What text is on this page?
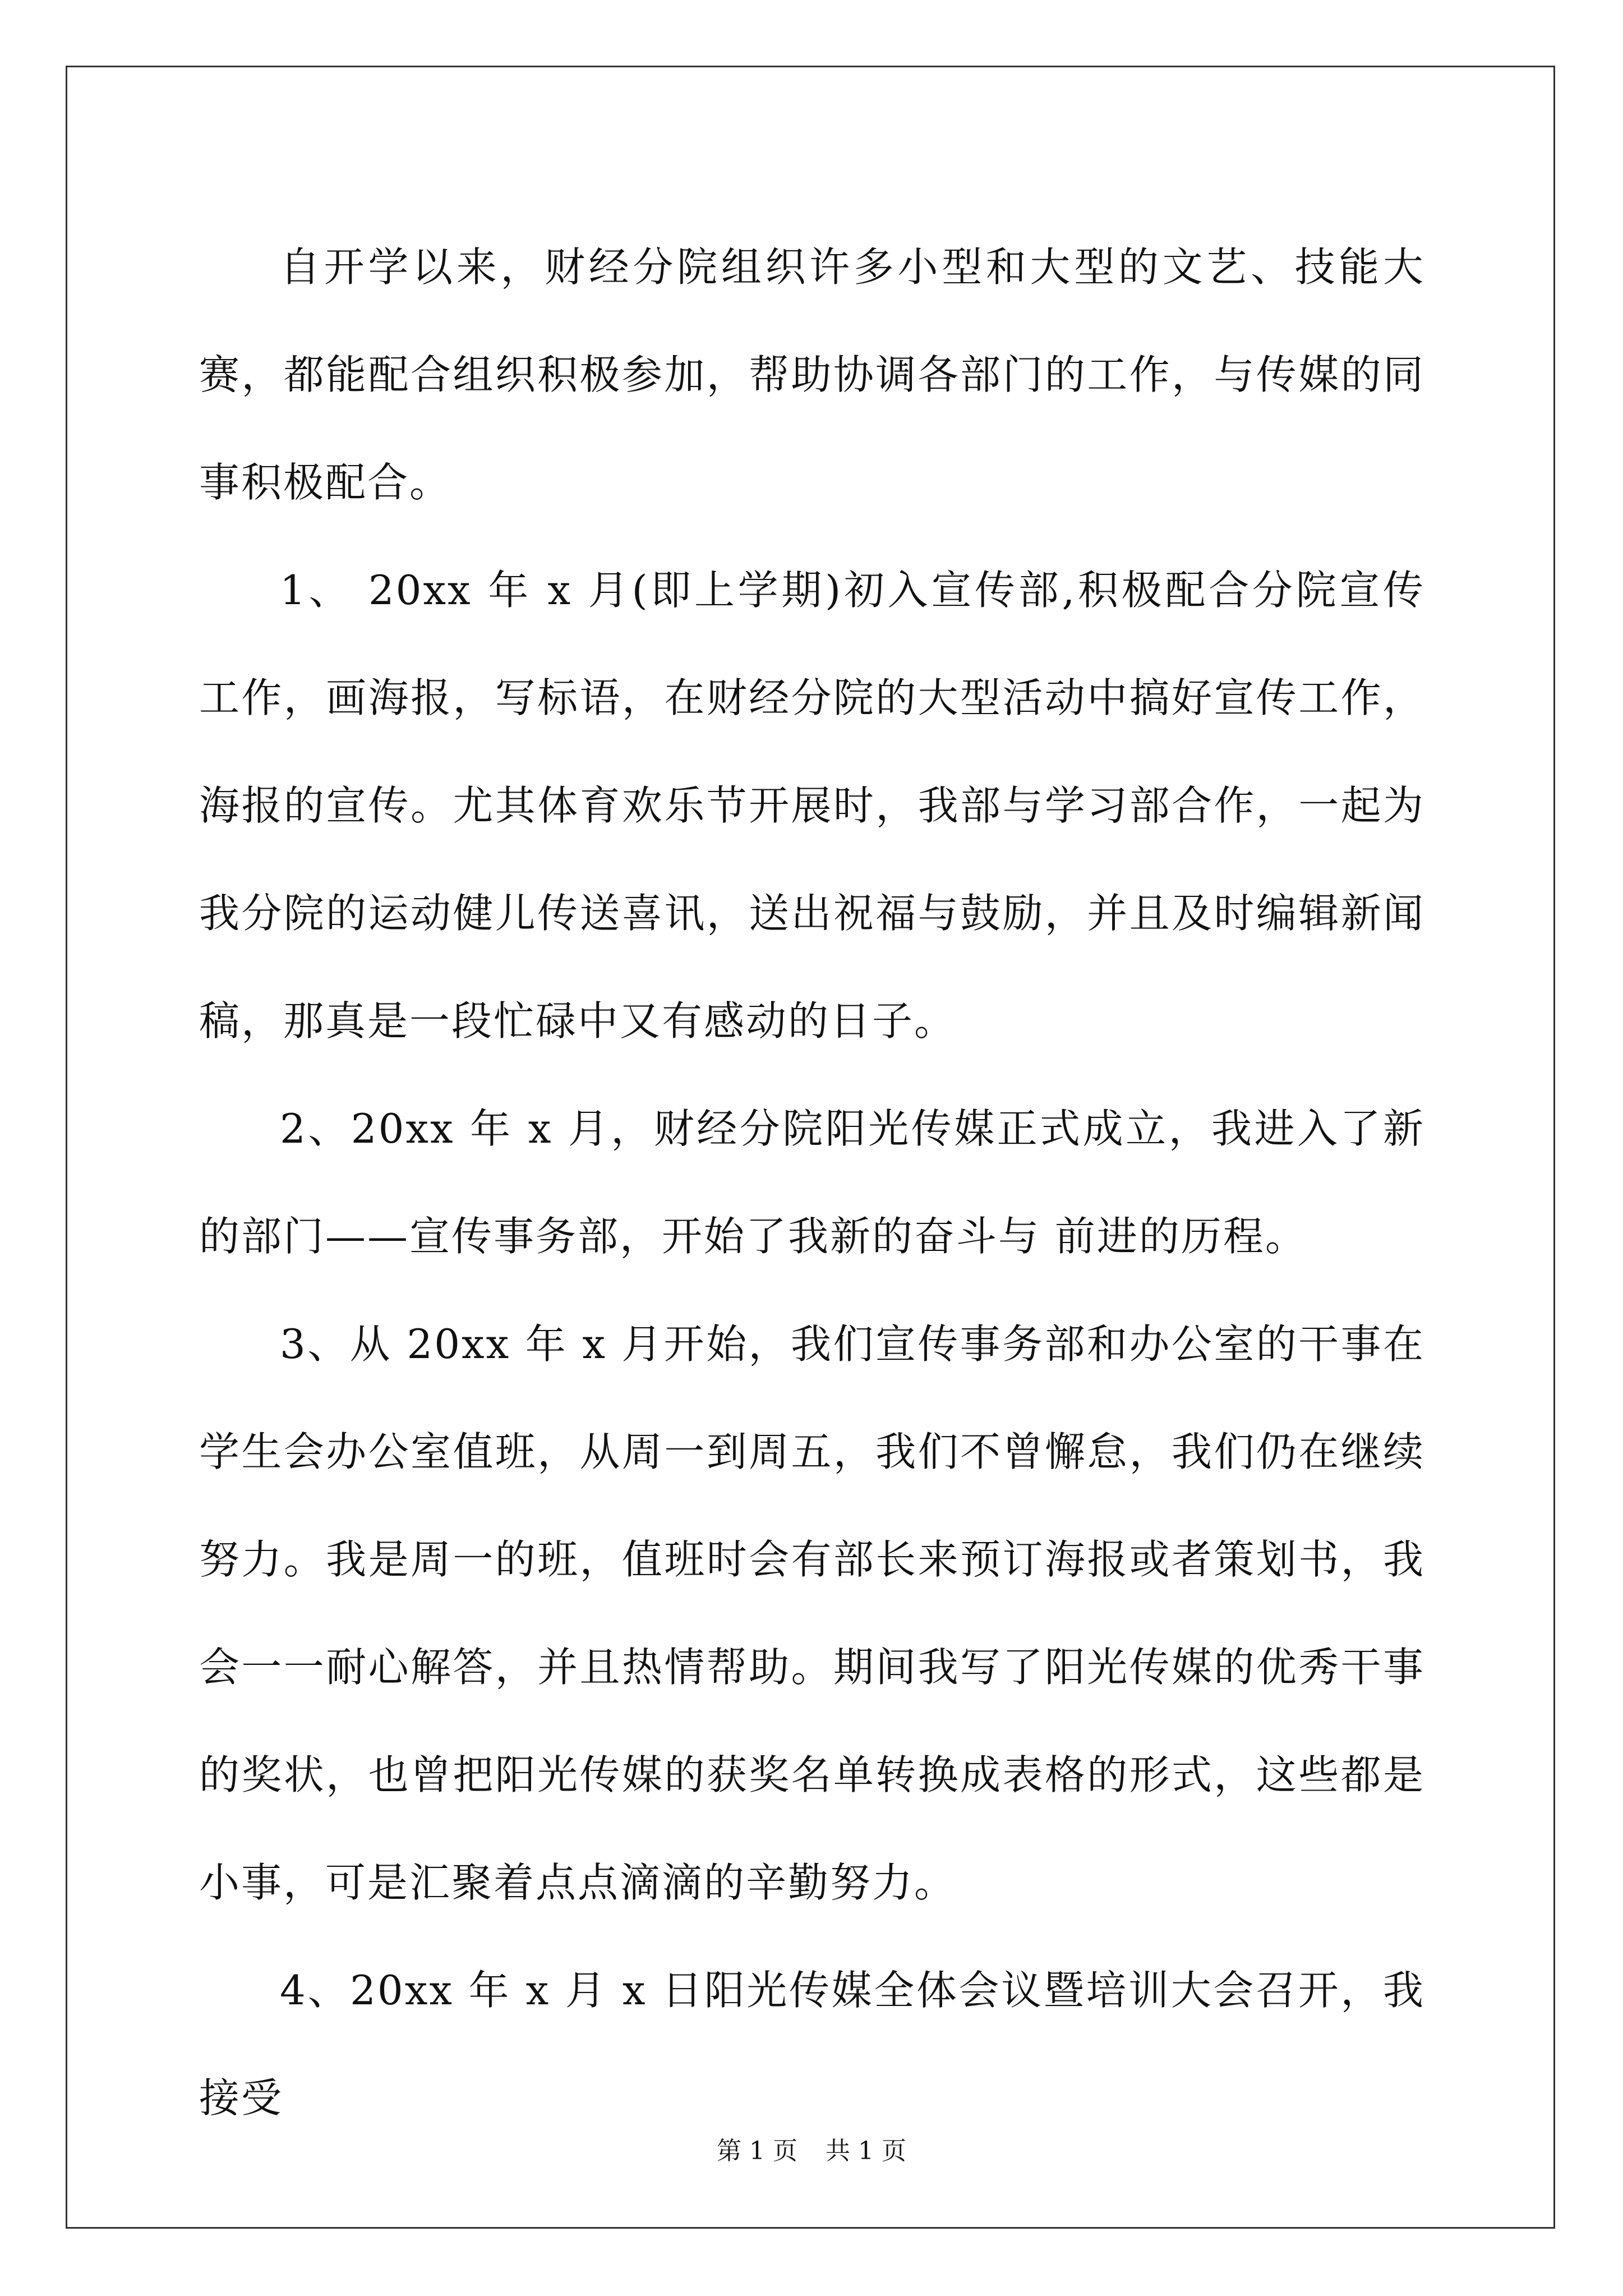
自开学以来，财经分院组织许多小型和大型的文艺、技能大赛，都能配合组织积极参加，帮助协调各部门的工作，与传媒的同事积极配合。

1、 20xx 年 x 月(即上学期)初入宣传部,积极配合分院宣传工作，画海报，写标语，在财经分院的大型活动中搞好宣传工作，海报的宣传。尤其体育欢乐节开展时，我部与学习部合作，一起为我分院的运动健儿传送喜讯，送出祝福与鼓励，并且及时编辑新闻稿，那真是一段忙碌中又有感动的日子。

2、20xx 年 x 月，财经分院阳光传媒正式成立，我进入了新的部门——宣传事务部，开始了我新的奋斗与 前进的历程。

3、从 20xx 年 x 月开始，我们宣传事务部和办公室的干事在学生会办公室值班，从周一到周五，我们不曾懈怠，我们仍在继续努力。我是周一的班，值班时会有部长来预订海报或者策划书，我会一一耐心解答，并且热情帮助。期间我写了阳光传媒的优秀干事的奖状，也曾把阳光传媒的获奖名单转换成表格的形式，这些都是小事，可是汇聚着点点滴滴的辛勤努力。

4、20xx 年 x 月 x 日阳光传媒全体会议暨培训大会召开，我接受

第 1 页 共 1 页
